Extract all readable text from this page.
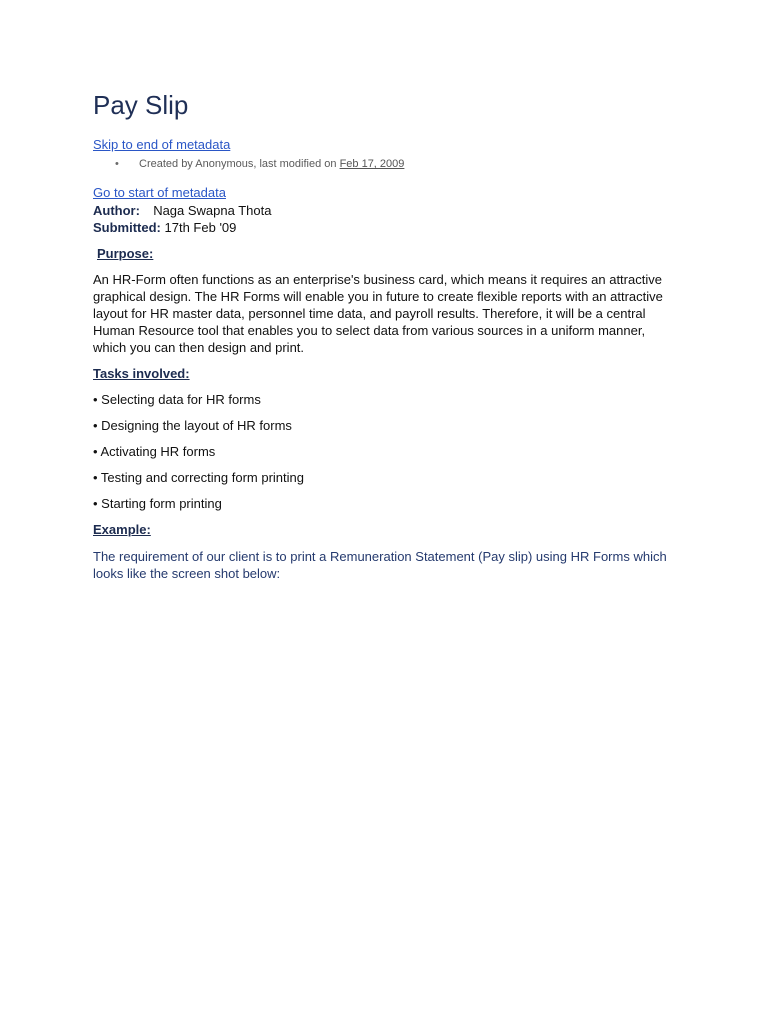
Pay Slip
Skip to end of metadata
• Created by Anonymous, last modified on Feb 17, 2009
Go to start of metadata
Author: Naga Swapna Thota
Submitted: 17th Feb '09
Purpose:

An HR-Form often functions as an enterprise's business card, which means it requires an attractive graphical design. The HR Forms will enable you in future to create flexible reports with an attractive layout for HR master data, personnel time data, and payroll results. Therefore, it will be a central Human Resource tool that enables you to select data from various sources in a uniform manner, which you can then design and print.

Tasks involved:

• Selecting data for HR forms

• Designing the layout of HR forms

• Activating HR forms

• Testing and correcting form printing

• Starting form printing

Example:

The requirement of our client is to print a Remuneration Statement (Pay slip) using HR Forms which looks like the screen shot below:
